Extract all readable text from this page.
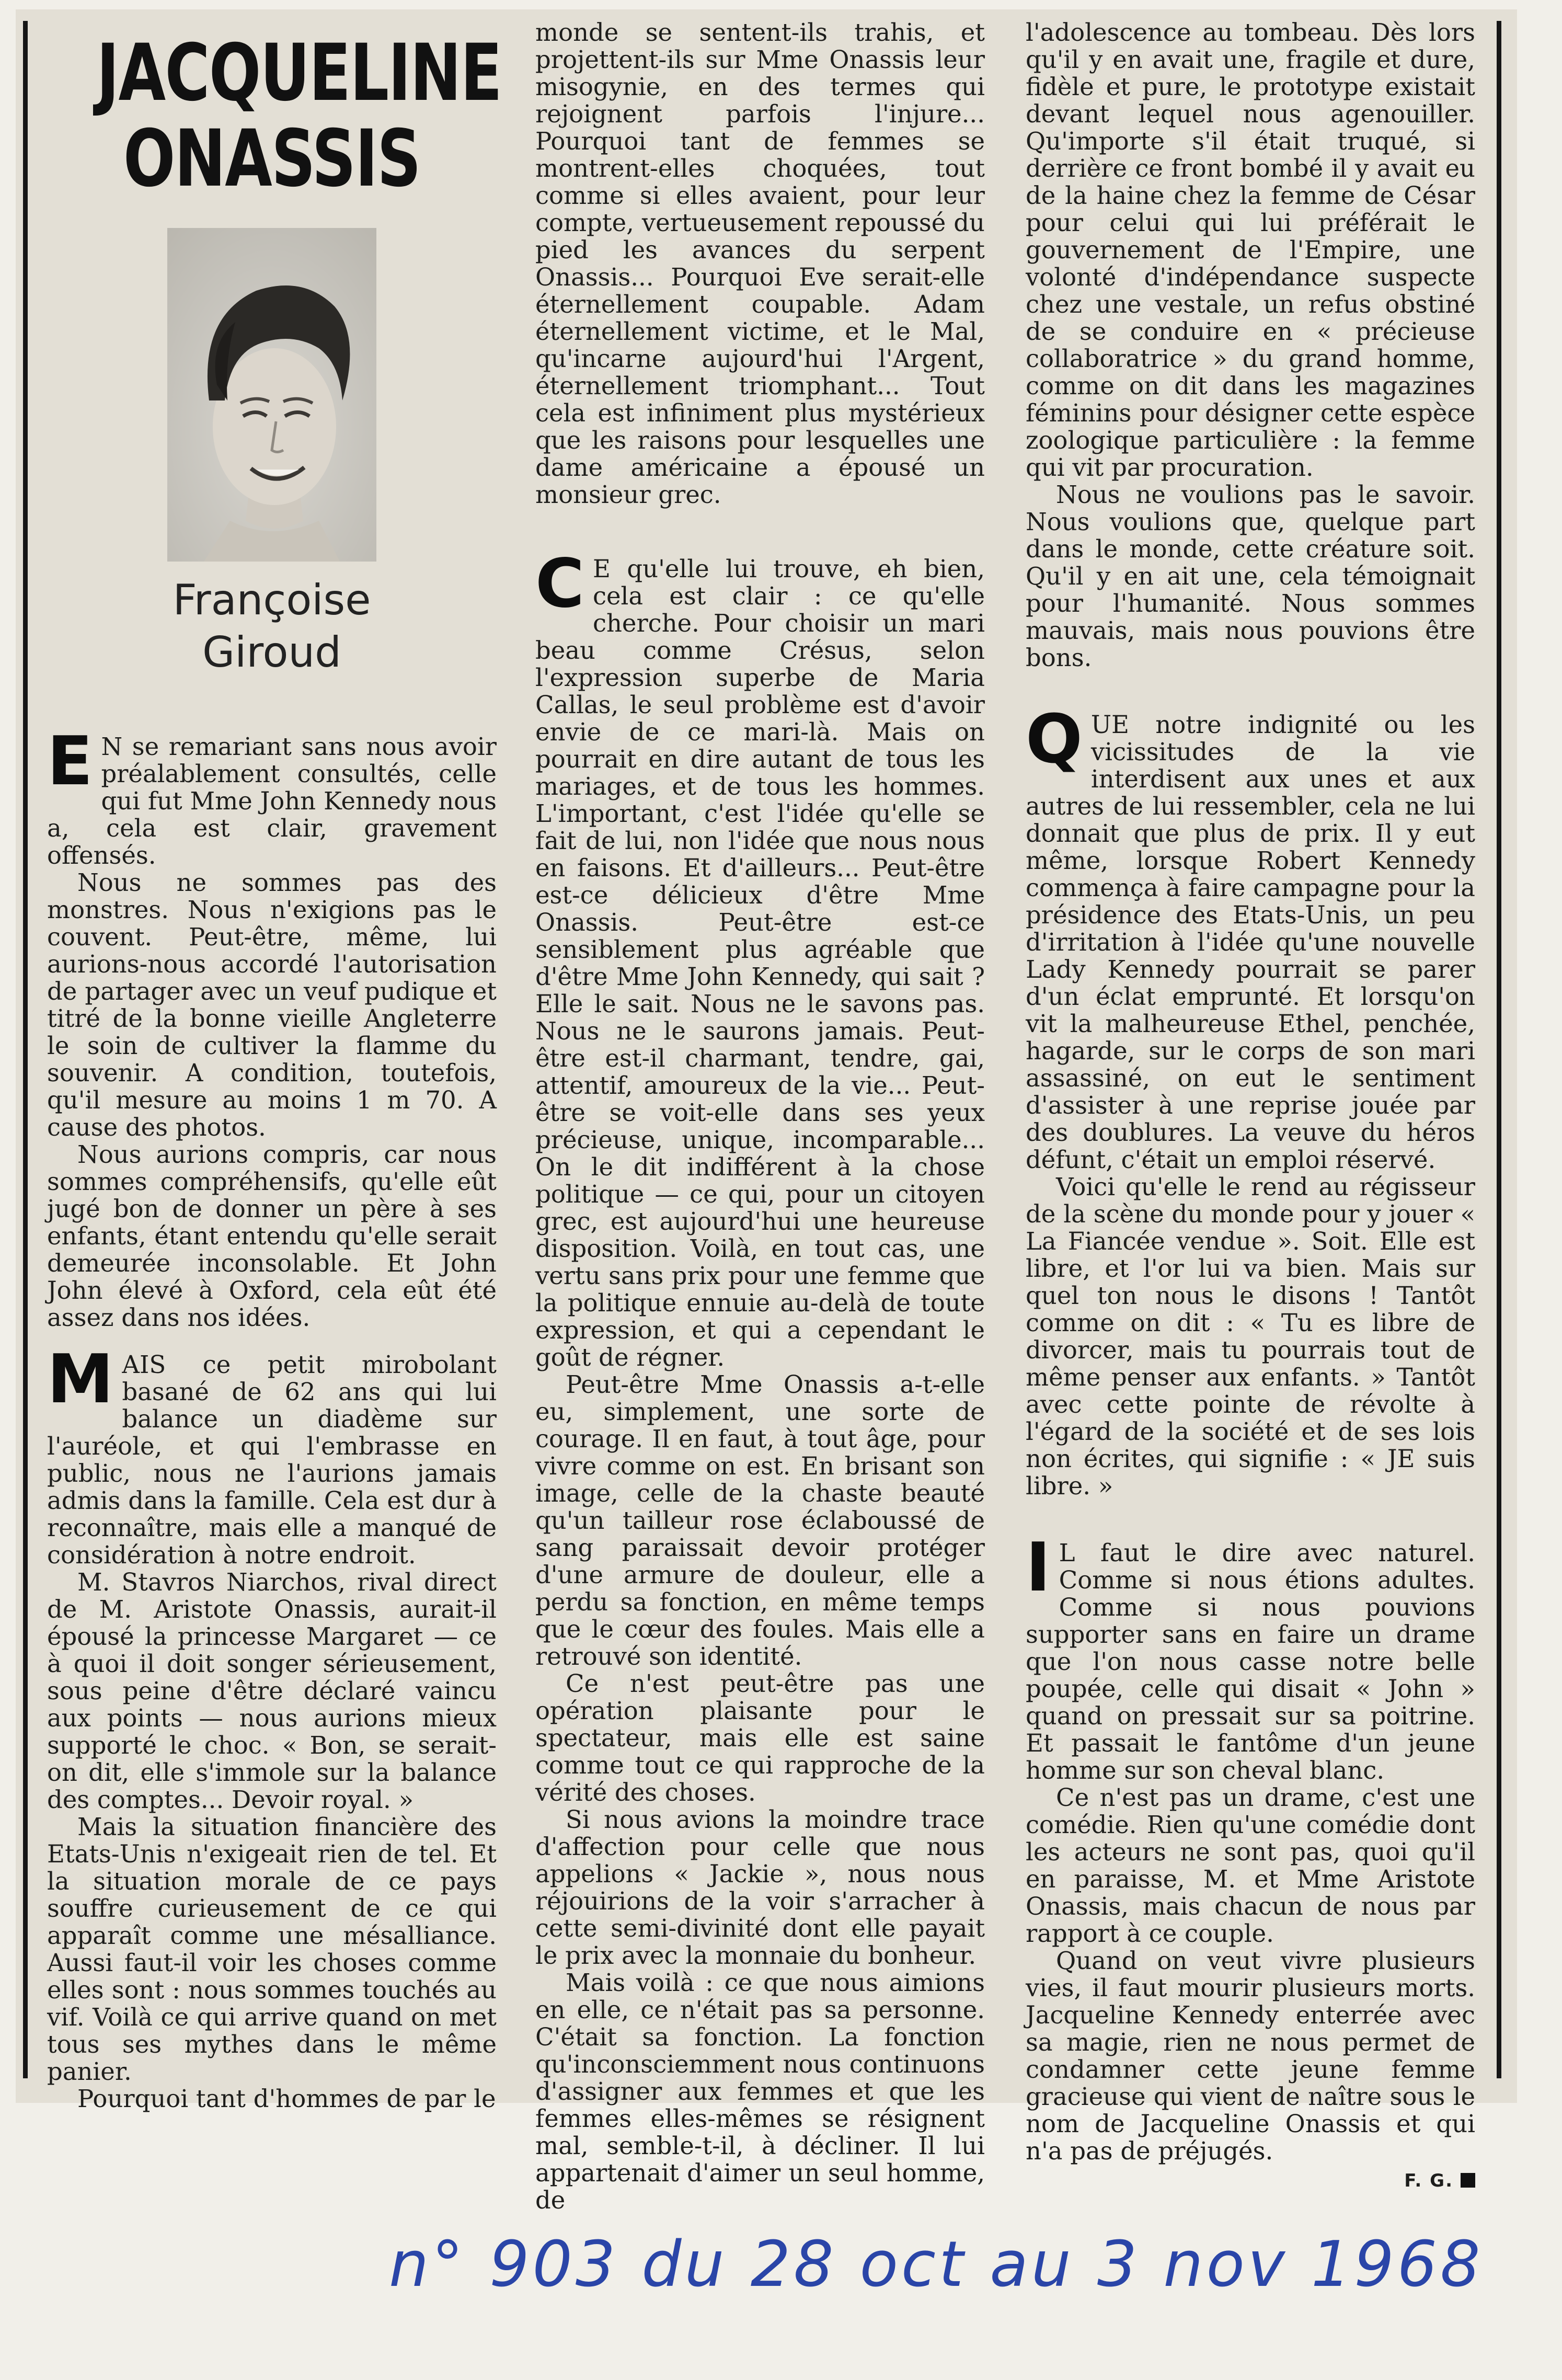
JACQUELINE
ONASSIS
Françoise
Giroud

E N se remariant sans nous avoir préalablement consultés, celle qui fut Mme John Kennedy nous a, cela est clair, gravement offensés.

Nous ne sommes pas des monstres. Nous n'exigions pas le couvent. Peut-être, même, lui aurions-nous accordé l'autorisation de partager avec un veuf pudique et titré de la bonne vieille Angleterre le soin de cultiver la flamme du souvenir. A condition, toutefois, qu'il mesure au moins 1 m 70. A cause des photos.

Nous aurions compris, car nous sommes compréhensifs, qu'elle eût jugé bon de donner un père à ses enfants, étant entendu qu'elle serait demeurée inconsolable. Et John John élevé à Oxford, cela eût été assez dans nos idées.

MAIS ce petit mirobolant basané de 62 ans qui lui balance un diadème sur l'auréole, et qui l'embrasse en public, nous ne l'aurions jamais admis dans la famille. Cela est dur à reconnaître, mais elle a manqué de considération à notre endroit.

M. Stavros Niarchos, rival direct de M. Aristote Onassis, aurait-il épousé la princesse Margaret — ce à quoi il doit songer sérieusement, sous peine d'être déclaré vaincu aux points — nous aurions mieux supporté le choc. « Bon, se serait-on dit, elle s'immole sur la balance des comptes... Devoir royal. »

Mais la situation financière des Etats-Unis n'exigeait rien de tel. Et la situation morale de ce pays souffre curieusement de ce qui apparaît comme une mésalliance. Aussi faut-il voir les choses comme elles sont : nous sommes touchés au vif. Voilà ce qui arrive quand on met tous ses mythes dans le même panier.

Pourquoi tant d'hommes de par le

monde se sentent-ils trahis, et projettent-ils sur Mme Onassis leur misogynie, en des termes qui rejoignent parfois l'injure... Pourquoi tant de femmes se montrent-elles choquées, tout comme si elles avaient, pour leur compte, vertueusement repoussé du pied les avances du serpent Onassis... Pourquoi Eve serait-elle éternellement coupable. Adam éternellement victime, et le Mal, qu'incarne aujourd'hui l'Argent, éternellement triomphant... Tout cela est infiniment plus mystérieux que les raisons pour lesquelles une dame américaine a épousé un monsieur grec.

C E qu'elle lui trouve, eh bien, cela est clair : ce qu'elle cherche. Pour choisir un mari beau comme Crésus, selon l'expression superbe de Maria Callas, le seul problème est d'avoir envie de ce mari-là. Mais on pourrait en dire autant de tous les mariages, et de tous les hommes. L'important, c'est l'idée qu'elle se fait de lui, non l'idée que nous nous en faisons. Et d'ailleurs... Peut-être est-ce délicieux d'être Mme Onassis. Peut-être est-ce sensiblement plus agréable que d'être Mme John Kennedy, qui sait ? Elle le sait. Nous ne le savons pas. Nous ne le saurons jamais. Peut-être est-il charmant, tendre, gai, attentif, amoureux de la vie... Peut-être se voit-elle dans ses yeux précieuse, unique, incomparable... On le dit indifférent à la chose politique — ce qui, pour un citoyen grec, est aujourd'hui une heureuse disposition. Voilà, en tout cas, une vertu sans prix pour une femme que la politique ennuie au-delà de toute expression, et qui a cependant le goût de régner.

Peut-être Mme Onassis a-t-elle eu, simplement, une sorte de courage. Il en faut, à tout âge, pour vivre comme on est. En brisant son image, celle de la chaste beauté qu'un tailleur rose éclaboussé de sang paraissait devoir protéger d'une armure de douleur, elle a perdu sa fonction, en même temps que le cœur des foules. Mais elle a retrouvé son identité.

Ce n'est peut-être pas une opération plaisante pour le spectateur, mais elle est saine comme tout ce qui rapproche de la vérité des choses.

Si nous avions la moindre trace d'affection pour celle que nous appelions « Jackie », nous nous réjouirions de la voir s'arracher à cette semi-divinité dont elle payait le prix avec la monnaie du bonheur.

Mais voilà : ce que nous aimions en elle, ce n'était pas sa personne. C'était sa fonction. La fonction qu'inconsciemment nous continuons d'assigner aux femmes et que les femmes elles-mêmes se résignent mal, semble-t-il, à décliner. Il lui appartenait d'aimer un seul homme, de

l'adolescence au tombeau. Dès lors qu'il y en avait une, fragile et dure, fidèle et pure, le prototype existait devant lequel nous agenouiller. Qu'importe s'il était truqué, si derrière ce front bombé il y avait eu de la haine chez la femme de César pour celui qui lui préférait le gouvernement de l'Empire, une volonté d'indépendance suspecte chez une vestale, un refus obstiné de se conduire en « précieuse collaboratrice » du grand homme, comme on dit dans les magazines féminins pour désigner cette espèce zoologique particulière : la femme qui vit par procuration.

Nous ne voulions pas le savoir. Nous voulions que, quelque part dans le monde, cette créature soit. Qu'il y en ait une, cela témoignait pour l'humanité. Nous sommes mauvais, mais nous pouvions être bons.

QUE notre indignité ou les vicissitudes de la vie interdisent aux unes et aux autres de lui ressembler, cela ne lui donnait que plus de prix. Il y eut même, lorsque Robert Kennedy commença à faire campagne pour la présidence des Etats-Unis, un peu d'irritation à l'idée qu'une nouvelle Lady Kennedy pourrait se parer d'un éclat emprunté. Et lorsqu'on vit la malheureuse Ethel, penchée, hagarde, sur le corps de son mari assassiné, on eut le sentiment d'assister à une reprise jouée par des doublures. La veuve du héros défunt, c'était un emploi réservé.

Voici qu'elle le rend au régisseur de la scène du monde pour y jouer « La Fiancée vendue ». Soit. Elle est libre, et l'or lui va bien. Mais sur quel ton nous le disons ! Tantôt comme on dit : « Tu es libre de divorcer, mais tu pourrais tout de même penser aux enfants. » Tantôt avec cette pointe de révolte à l'égard de la société et de ses lois non écrites, qui signifie : « JE suis libre. »

I L faut le dire avec naturel. Comme si nous étions adultes. Comme si nous pouvions supporter sans en faire un drame que l'on nous casse notre belle poupée, celle qui disait « John » quand on pressait sur sa poitrine. Et passait le fantôme d'un jeune homme sur son cheval blanc.

Ce n'est pas un drame, c'est une comédie. Rien qu'une comédie dont les acteurs ne sont pas, quoi qu'il en paraisse, M. et Mme Aristote Onassis, mais chacun de nous par rapport à ce couple.

Quand on veut vivre plusieurs vies, il faut mourir plusieurs morts. Jacqueline Kennedy enterrée avec sa magie, rien ne nous permet de condamner cette jeune femme gracieuse qui vient de naître sous le nom de Jacqueline Onassis et qui n'a pas de préjugés.

F. G.
n° 903 du 28 oct au 3 nov 1968
